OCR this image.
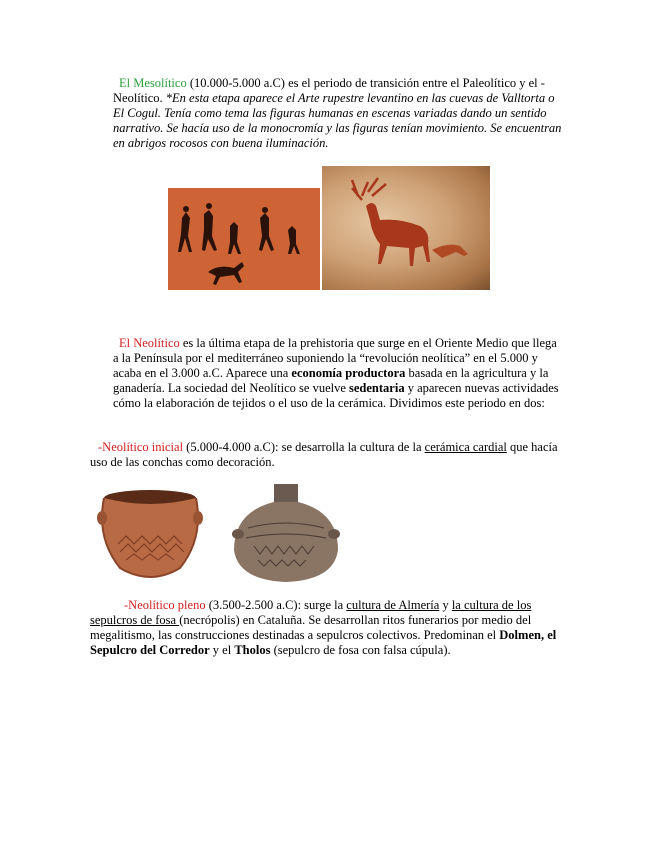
El Mesolítico (10.000-5.000 a.C) es el periodo de transición entre el Paleolítico y el -Neolítico. *En esta etapa aparece el Arte rupestre levantino en las cuevas de Valltorta o El Cogul. Tenía como tema las figuras humanas en escenas variadas dando un sentido narrativo. Se hacía uso de la monocromía y las figuras tenían movimiento. Se encuentran en abrigos rocosos con buena iluminación.
El Neolítico es la última etapa de la prehistoria que surge en el Oriente Medio que llega a la Península por el mediterráneo suponiendo la “revolución neolítica” en el 5.000 y acaba en el 3.000 a.C. Aparece una economía productora basada en la agricultura y la ganadería. La sociedad del Neolítico se vuelve sedentaria y aparecen nuevas actividades cómo la elaboración de tejidos o el uso de la cerámica. Dividimos este periodo en dos:
-Neolítico inicial (5.000-4.000 a.C): se desarrolla la cultura de la cerámica cardial que hacía uso de las conchas como decoración.
-Neolítico pleno (3.500-2.500 a.C): surge la cultura de Almería y la cultura de los sepulcros de fosa (necrópolis) en Cataluña. Se desarrollan ritos funerarios por medio del megalitismo, las construcciones destinadas a sepulcros colectivos. Predominan el Dolmen, el Sepulcro del Corredor y el Tholos (sepulcro de fosa con falsa cúpula).
